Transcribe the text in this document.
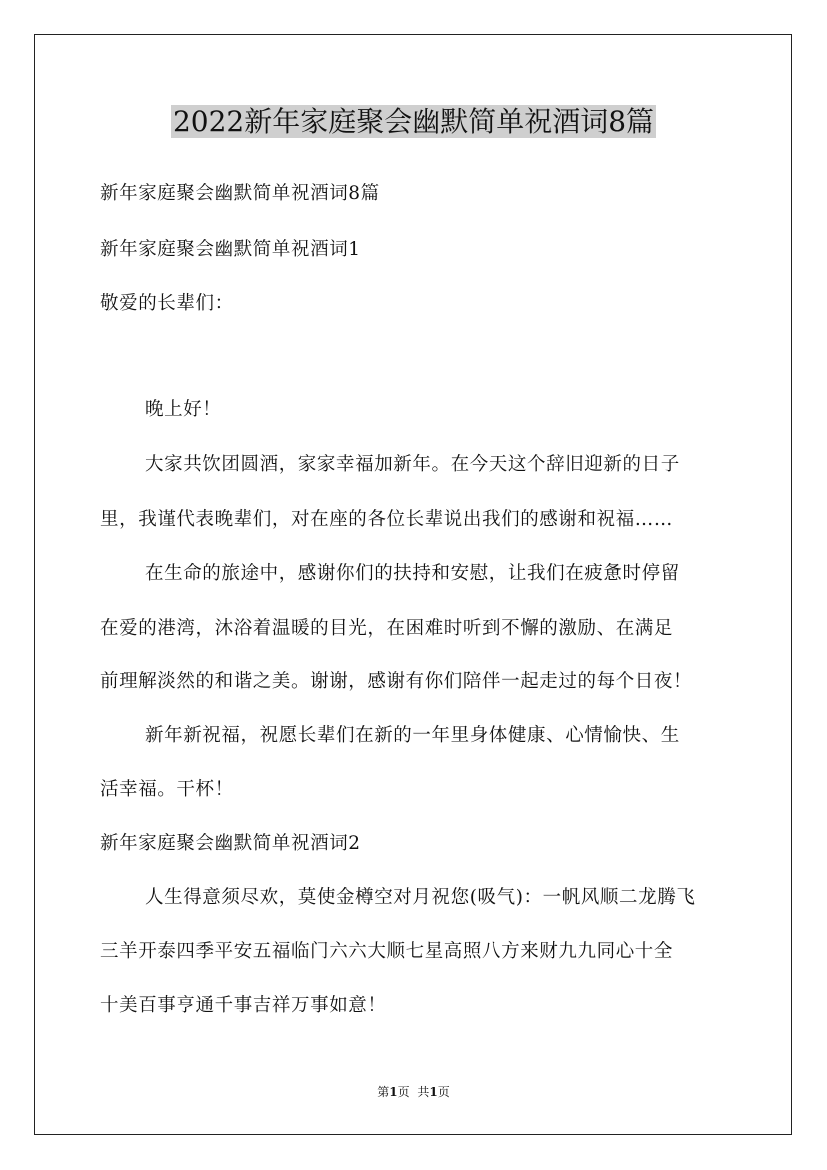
2022新年家庭聚会幽默简单祝酒词8篇
新年家庭聚会幽默简单祝酒词8篇
新年家庭聚会幽默简单祝酒词1
敬爱的长辈们：
晚上好！
大家共饮团圆酒，家家幸福加新年。在今天这个辞旧迎新的日子
里，我谨代表晚辈们，对在座的各位长辈说出我们的感谢和祝福……
在生命的旅途中，感谢你们的扶持和安慰，让我们在疲惫时停留
在爱的港湾，沐浴着温暖的目光，在困难时听到不懈的激励、在满足
前理解淡然的和谐之美。谢谢，感谢有你们陪伴一起走过的每个日夜！
新年新祝福，祝愿长辈们在新的一年里身体健康、心情愉快、生
活幸福。干杯！
新年家庭聚会幽默简单祝酒词2
人生得意须尽欢，莫使金樽空对月祝您(吸气)：一帆风顺二龙腾飞
三羊开泰四季平安五福临门六六大顺七星高照八方来财九九同心十全
十美百事亨通千事吉祥万事如意！
第1页 共1页
